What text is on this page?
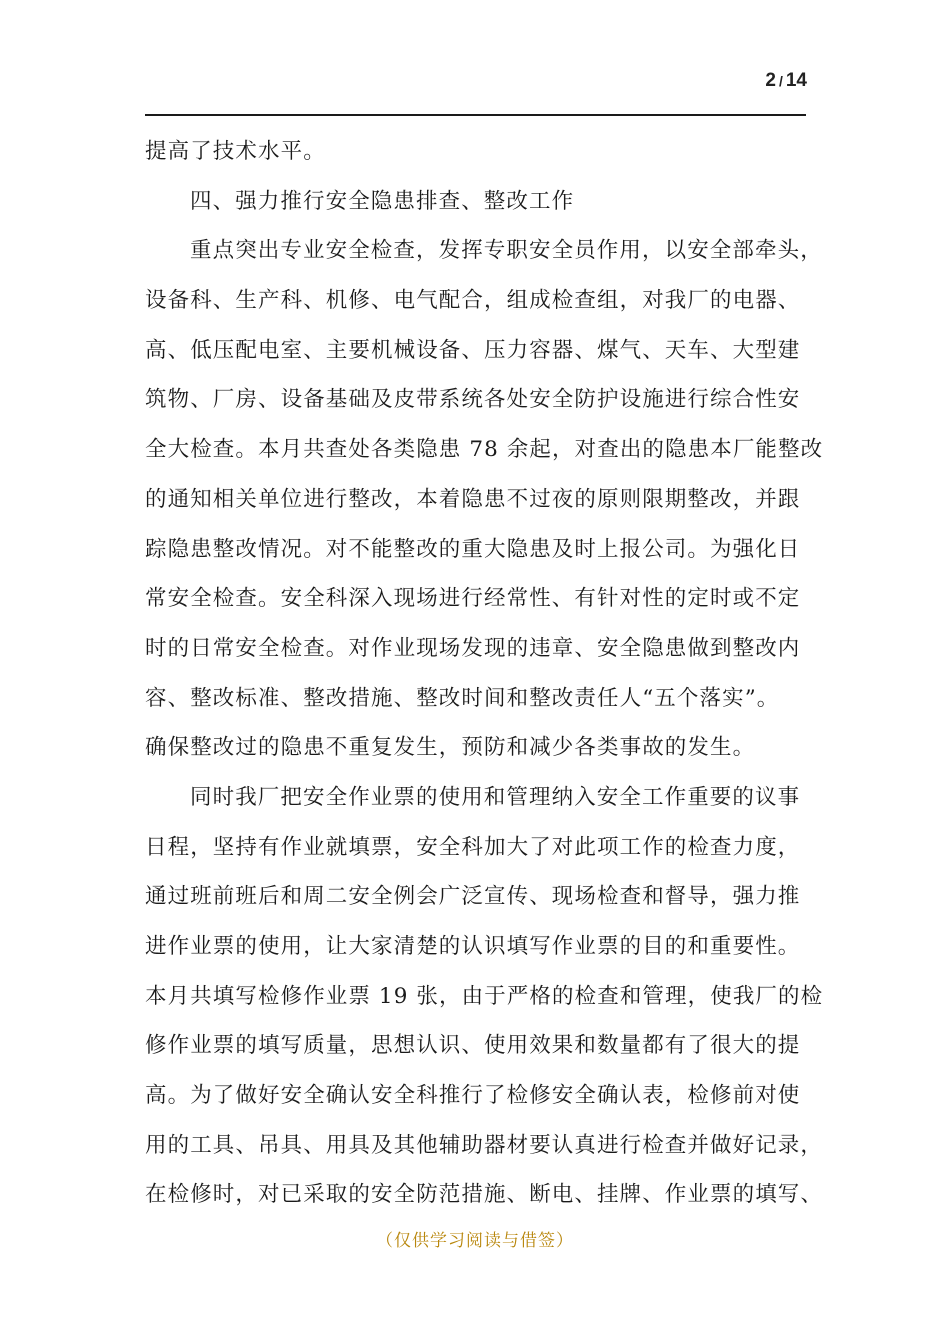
2 / 14
提高了技术水平。
四、强力推行安全隐患排查、整改工作
重点突出专业安全检查，发挥专职安全员作用，以安全部牵头，
设备科、生产科、机修、电气配合，组成检查组，对我厂的电器、
高、低压配电室、主要机械设备、压力容器、煤气、天车、大型建
筑物、厂房、设备基础及皮带系统各处安全防护设施进行综合性安
全大检查。本月共查处各类隐患 78 余起，对查出的隐患本厂能整改
的通知相关单位进行整改，本着隐患不过夜的原则限期整改，并跟
踪隐患整改情况。对不能整改的重大隐患及时上报公司。为强化日
常安全检查。安全科深入现场进行经常性、有针对性的定时或不定
时的日常安全检查。对作业现场发现的违章、安全隐患做到整改内
容、整改标准、整改措施、整改时间和整改责任人“五个落实”。
确保整改过的隐患不重复发生，预防和减少各类事故的发生。
同时我厂把安全作业票的使用和管理纳入安全工作重要的议事
日程，坚持有作业就填票，安全科加大了对此项工作的检查力度，
通过班前班后和周二安全例会广泛宣传、现场检查和督导，强力推
进作业票的使用，让大家清楚的认识填写作业票的目的和重要性。
本月共填写检修作业票 19 张，由于严格的检查和管理，使我厂的检
修作业票的填写质量，思想认识、使用效果和数量都有了很大的提
高。为了做好安全确认安全科推行了检修安全确认表，检修前对使
用的工具、吊具、用具及其他辅助器材要认真进行检查并做好记录，
在检修时，对已采取的安全防范措施、断电、挂牌、作业票的填写、
（仅供学习阅读与借签）
